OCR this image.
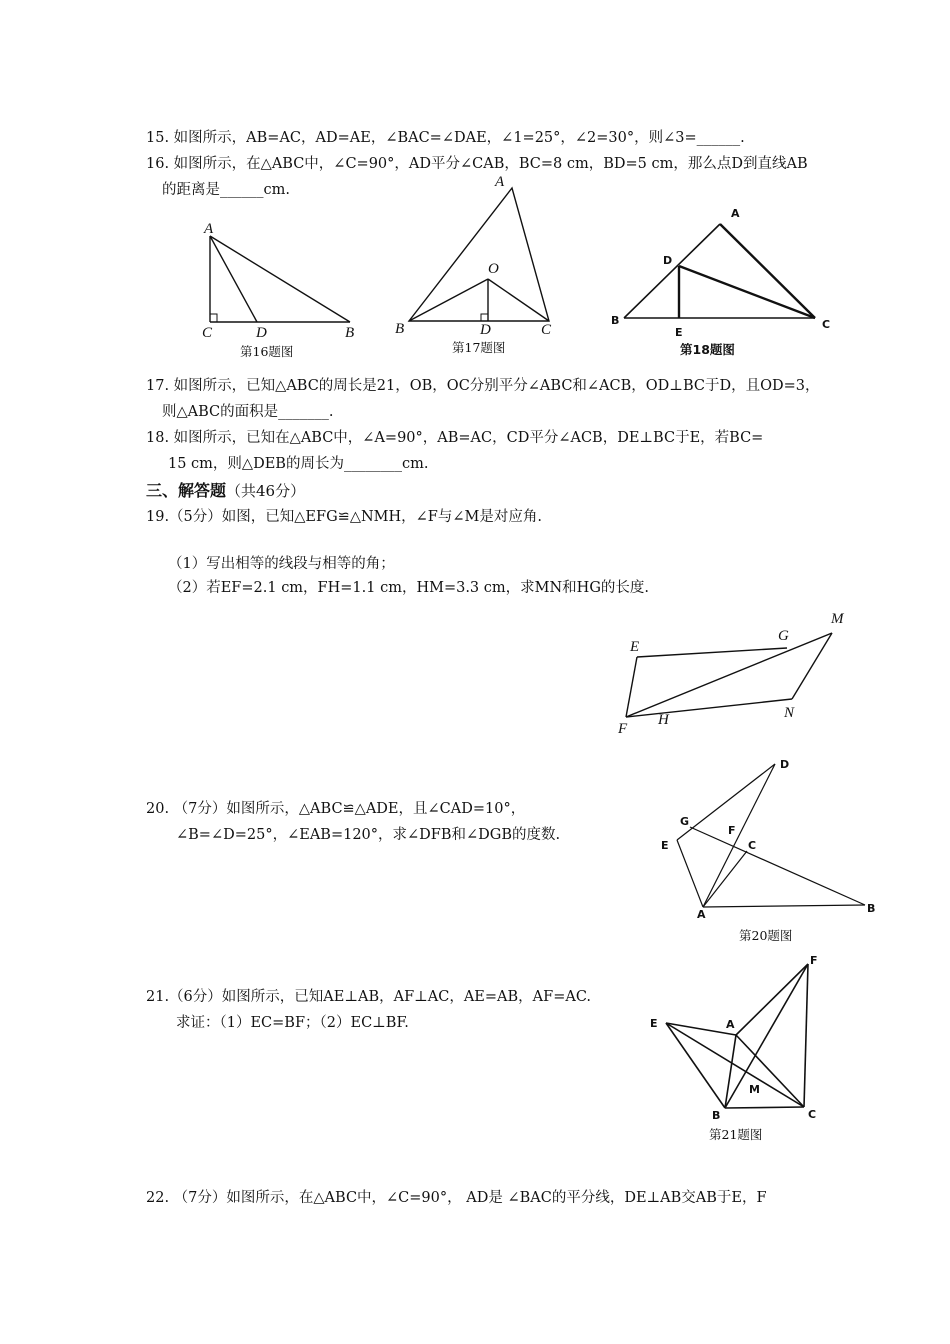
15. 如图所示，AB=AC，AD=AE，∠BAC=∠DAE，∠1=25°，∠2=30°，则∠3=______.
16. 如图所示，在△ABC中，∠C=90°，AD平分∠CAB，BC=8 cm，BD=5 cm，那么点D到直线AB
的距离是______cm.
A
C	D	B
第16题图
A
O
B	D	C
第17题图
A
D
B
E
C
第18题图
17. 如图所示，已知△ABC的周长是21，OB，OC分别平分∠ABC和∠ACB，OD⊥BC于D，且OD=3，
则△ABC的面积是_______.
18. 如图所示，已知在△ABC中，∠A=90°，AB=AC，CD平分∠ACB，DE⊥BC于E，若BC=
15 cm，则△DEB的周长为________cm.
三、解答题（共46分）
19.（5分）如图，已知△EFG≌△NMH，∠F与∠M是对应角.
（1）写出相等的线段与相等的角；
（2）若EF=2.1 cm，FH=1.1 cm，HM=3.3 cm，求MN和HG的长度.
E
G
M
F
H	N
20. （7分）如图所示，△ABC≌△ADE，且∠CAD=10°，
∠B=∠D=25°，∠EAB=120°，求∠DFB和∠DGB的度数.
D
G
F
C
E
A	B
第20题图
21.（6分）如图所示，已知AE⊥AB，AF⊥AC，AE=AB，AF=AC.
求证：（1）EC=BF；（2）EC⊥BF.
F
E	A
M
B	C
第21题图
22. （7分）如图所示，在△ABC中，∠C=90°， AD是 ∠BAC的平分线，DE⊥AB交AB于E，F
